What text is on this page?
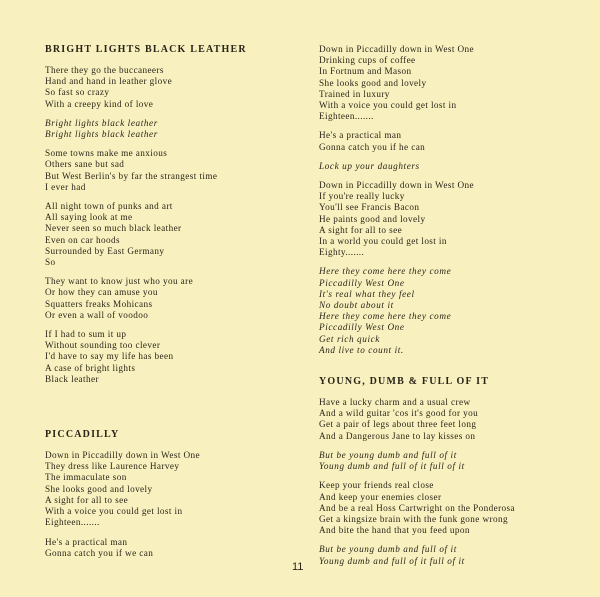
BRIGHT LIGHTS BLACK LEATHER
There they go the buccaneers
Hand and hand in leather glove
So fast so crazy
With a creepy kind of love
Bright lights black leather
Bright lights black leather
Some towns make me anxious
Others sane but sad
But West Berlin's by far the strangest time
I ever had
All night town of punks and art
All saying look at me
Never seen so much black leather
Even on car hoods
Surrounded by East Germany
So
They want to know just who you are
Or how they can amuse you
Squatters freaks Mohicans
Or even a wall of voodoo
If I had to sum it up
Without sounding too clever
I'd have to say my life has been
A case of bright lights
Black leather
PICCADILLY
Down in Piccadilly down in West One
They dress like Laurence Harvey
The immaculate son
She looks good and lovely
A sight for all to see
With a voice you could get lost in
Eighteen.......
He's a practical man
Gonna catch you if we can
Down in Piccadilly down in West One
Drinking cups of coffee
In Fortnum and Mason
She looks good and lovely
Trained in luxury
With a voice you could get lost in
Eighteen.......
He's a practical man
Gonna catch you if he can
Lock up your daughters
Down in Piccadilly down in West One
If you're really lucky
You'll see Francis Bacon
He paints good and lovely
A sight for all to see
In a world you could get lost in
Eighty.......
Here they come here they come
Piccadilly West One
It's real what they feel
No doubt about it
Here they come here they come
Piccadilly West One
Get rich quick
And live to count it.
YOUNG, DUMB & FULL OF IT
Have a lucky charm and a usual crew
And a wild guitar 'cos it's good for you
Get a pair of legs about three feet long
And a Dangerous Jane to lay kisses on
But be young dumb and full of it
Young dumb and full of it full of it
Keep your friends real close
And keep your enemies closer
And be a real Hoss Cartwright on the Ponderosa
Get a kingsize brain with the funk gone wrong
And bite the hand that you feed upon
But be young dumb and full of it
Young dumb and full of it full of it
11
